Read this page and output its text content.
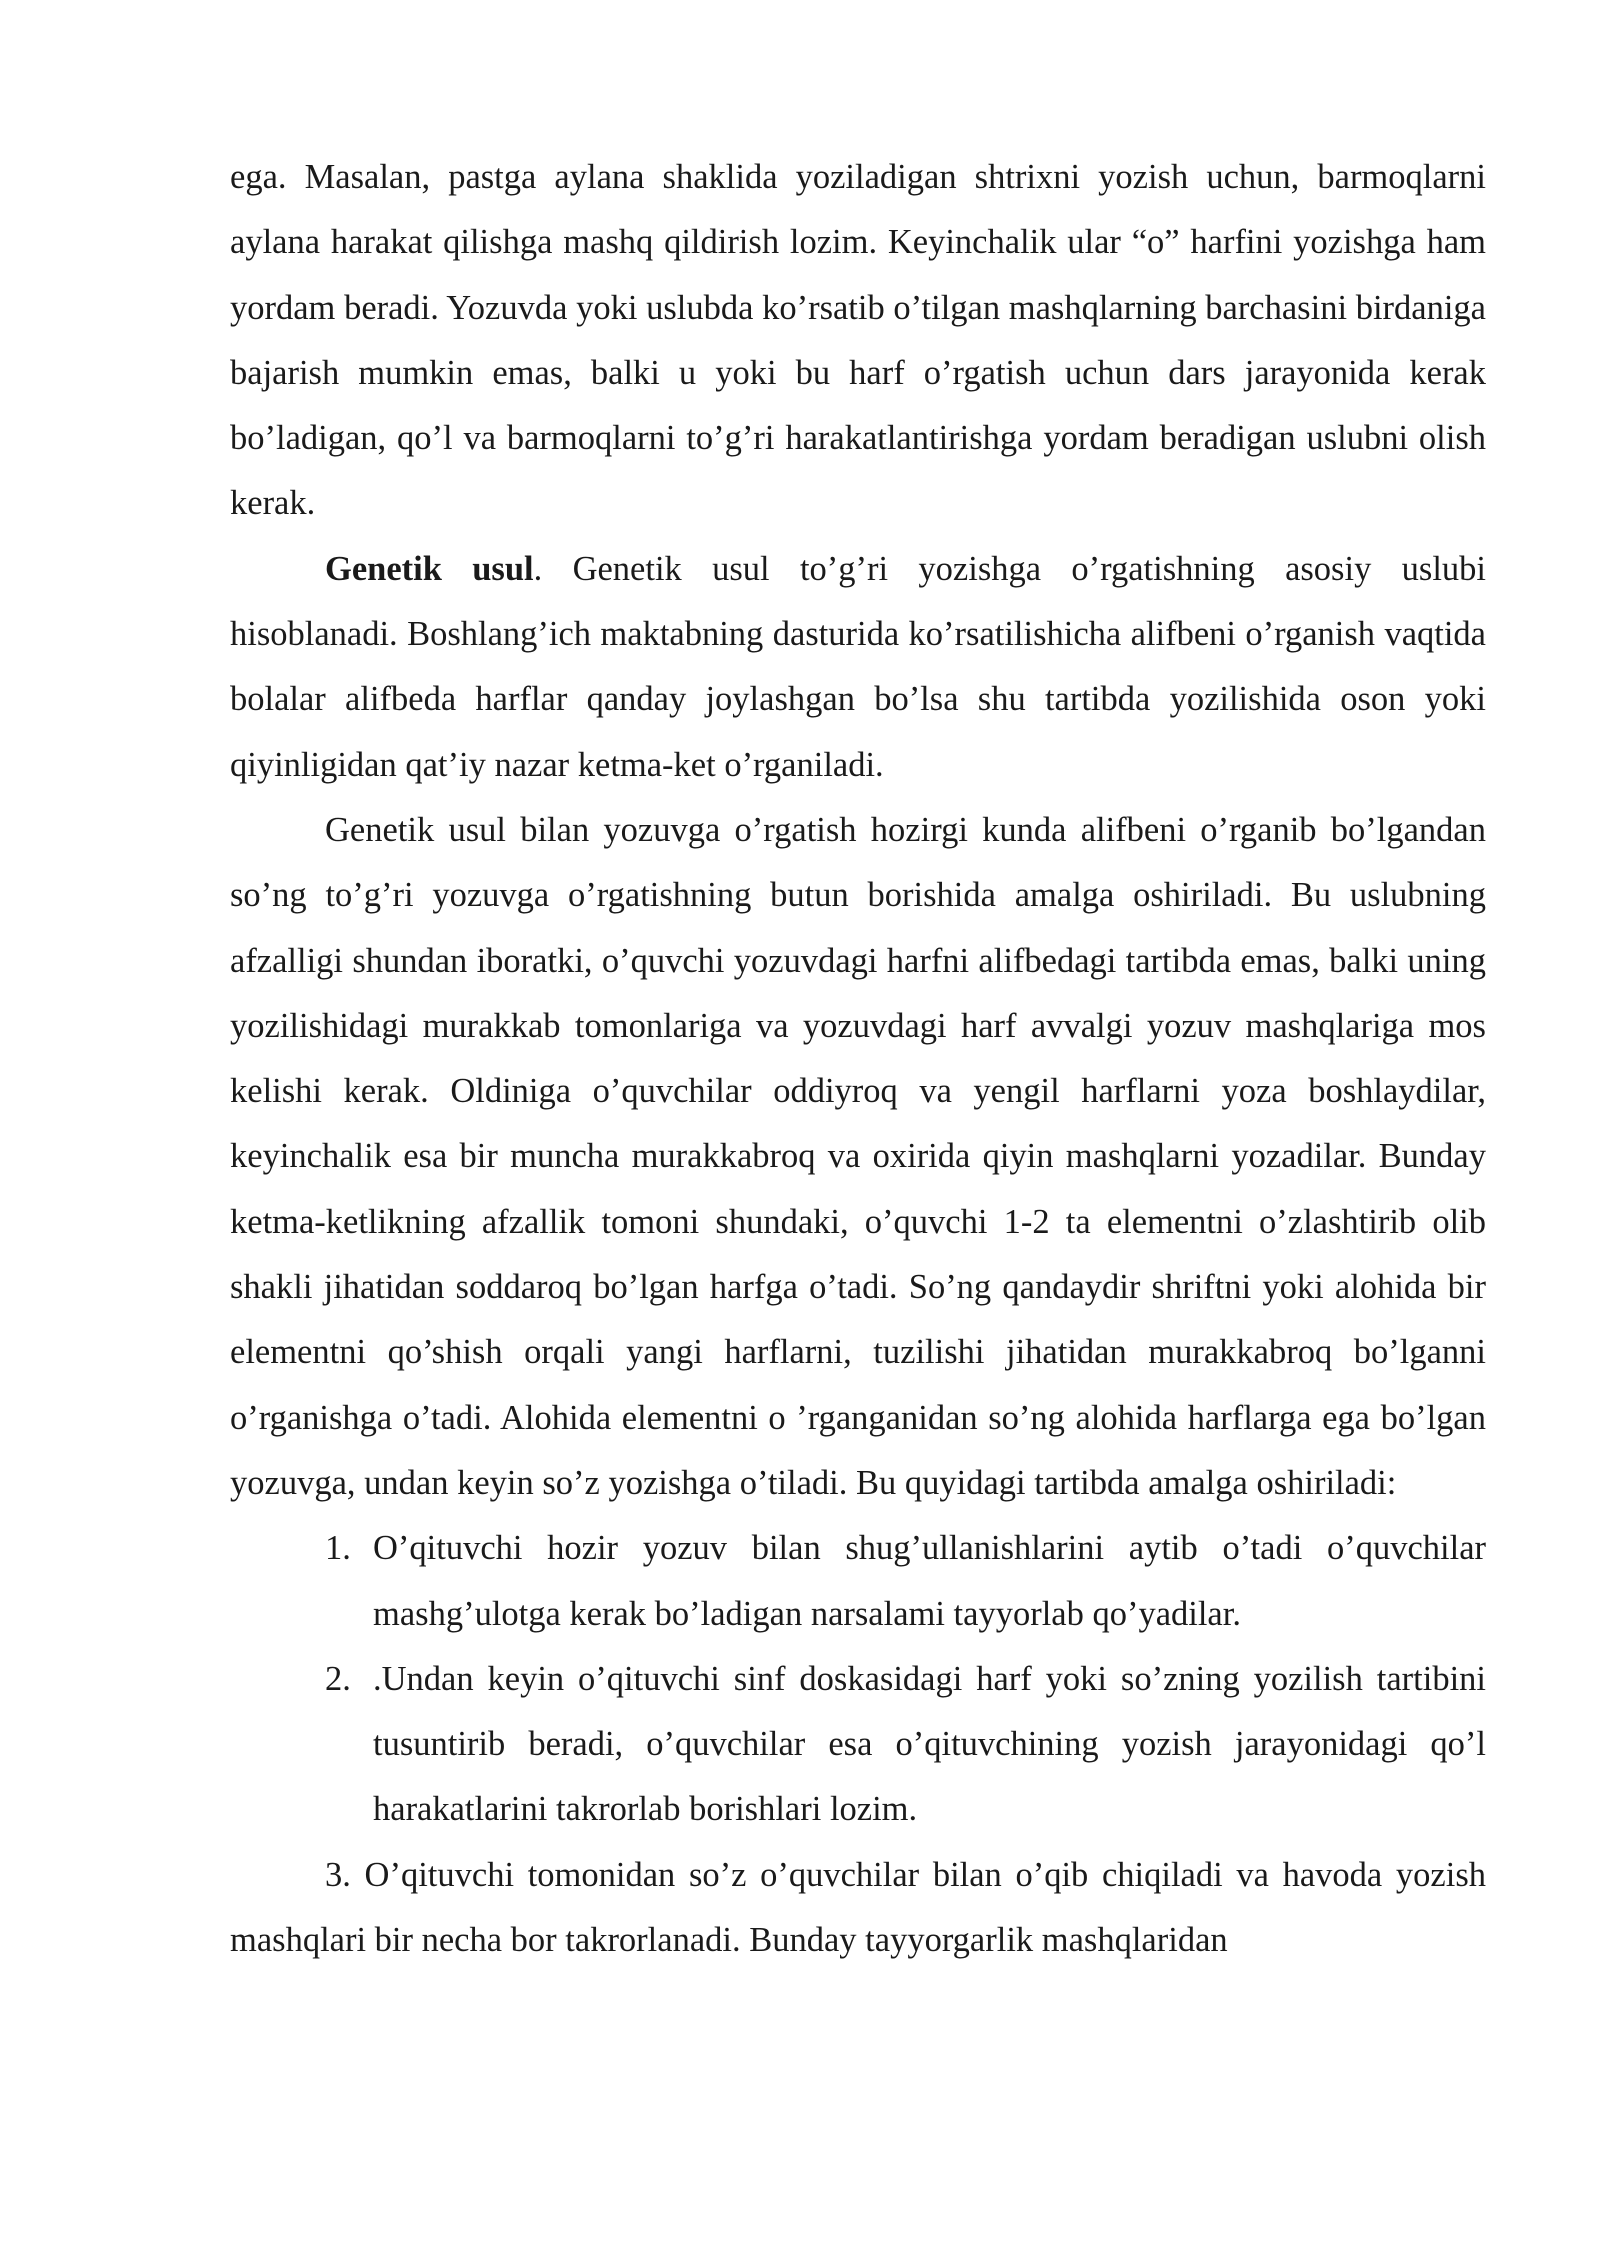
ega. Masalan, pastga aylana shaklida yoziladigan shtrixni yozish uchun, barmoqlarni aylana harakat qilishga mashq qildirish lozim. Keyinchalik ular “o” harfini yozishga ham yordam beradi. Yozuvda yoki uslubda ko’rsatib o’tilgan mashqlarning barchasini birdaniga bajarish mumkin emas, balki u yoki bu harf o’rgatish uchun dars jarayonida kerak bo’ladigan, qo’l va barmoqlarni to’g’ri harakatlantirishga yordam beradigan uslubni olish kerak.

Genetik usul. Genetik usul to’g’ri yozishga o’rgatishning asosiy uslubi hisoblanadi. Boshlang’ich maktabning dasturida ko’rsatilishicha alifbeni o’rganish vaqtida bolalar alifbeda harflar qanday joylashgan bo’lsa shu tartibda yozilishida oson yoki qiyinligidan qat’iy nazar ketma-ket o’rganiladi.

Genetik usul bilan yozuvga o’rgatish hozirgi kunda alifbeni o’rganib bo’lgandan so’ng to’g’ri yozuvga o’rgatishning butun borishida amalga oshiriladi. Bu uslubning afzalligi shundan iboratki, o’quvchi yozuvdagi harfni alifbedagi tartibda emas, balki uning yozilishidagi murakkab tomonlariga va yozuvdagi harf avvalgi yozuv mashqlariga mos kelishi kerak. Oldiniga o’quvchilar oddiyroq va yengil harflarni yoza boshlaydilar, keyinchalik esa bir muncha murakkabroq va oxirida qiyin mashqlarni yozadilar. Bunday ketma-ketlikning afzallik tomoni shundaki, o’quvchi 1-2 ta elementni o’zlashtirib olib shakli jihatidan soddaroq bo’lgan harfga o’tadi. So’ng qandaydir shriftni yoki alohida bir elementni qo’shish orqali yangi harflarni, tuzilishi jihatidan murakkabroq bo’lganni o’rganishga o’tadi. Alohida elementni o ’rganganidan so’ng alohida harflarga ega bo’lgan yozuvga, undan keyin so’z yozishga o’tiladi. Bu quyidagi tartibda amalga oshiriladi:

1. O’qituvchi hozir yozuv bilan shug’ullanishlarini aytib o’tadi o’quvchilar mashg’ulotga kerak bo’ladigan narsalami tayyorlab qo’yadilar.
2. .Undan keyin o’qituvchi sinf doskasidagi harf yoki so’zning yozilish tartibini tusuntirib beradi, o’quvchilar esa o’qituvchining yozish jarayonidagi qo’l harakatlarini takrorlab borishlari lozim.

3. O’qituvchi tomonidan so’z o’quvchilar bilan o’qib chiqiladi va havoda yozish mashqlari bir necha bor takrorlanadi. Bunday tayyorgarlik mashqlaridan
